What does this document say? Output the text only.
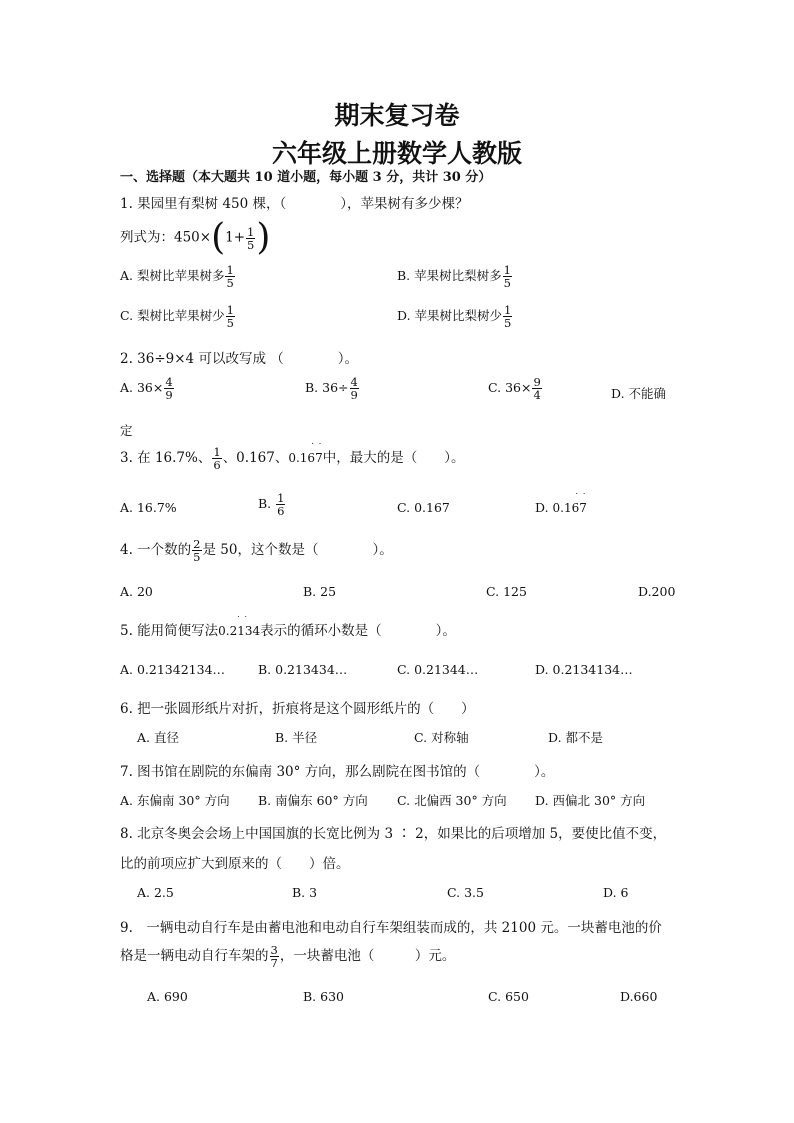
期末复习卷
六年级上册数学人教版
一、选择题（本大题共 10 道小题，每小题 3 分，共计 30 分）
1. 果园里有梨树 450 棵，（　　　　），苹果树有多少棵？
列式为：$450\times(1+ \frac{1}{5}$ )
A. 梨树比苹果树多 $\frac{1}{5}$	B. 苹果树比梨树多 $\frac{1}{5}$
C. 梨树比苹果树少 $\frac{1}{5}$	D. 苹果树比梨树少 $\frac{1}{5}$
2. 36÷9×4 可以改写成 （　　　　）。
A. $36\times \frac{4}{9}$	B. $36\div \frac{4}{9}$	C. $36\times \frac{9}{4}$	D. 不能确
定
3. 在 16.7%、 $\frac{1}{6}$ 、0.167、0.167
˙ ˙
中，最大的是（　　）。
A. 16.7%	B. $\frac{1}{6}$	C. 0.167	D. 0.167
˙ ˙
4. 一个数的 $\frac{2}{5}$ 是 50，这个数是（　　　　）。
A. 20	B. 25	C. 125	D.200
5. 能用简便写法0.2134
˙ ˙
表示的循环小数是（　　　　）。
A. 0.21342134…	B. 0.213434…	C. 0.21344…	D. 0.2134134…
6. 把一张圆形纸片对折，折痕将是这个圆形纸片的（　　）
A. 直径	B. 半径	C. 对称轴	D. 都不是
7. 图书馆在剧院的东偏南 30° 方向，那么剧院在图书馆的（　　　　）。
A. 东偏南 30° 方向 B. 南偏东 60° 方向 C. 北偏西 30° 方向 D. 西偏北 30° 方向
8. 北京冬奥会会场上中国国旗的长宽比例为 3 ∶ 2，如果比的后项增加 5，要使比值不变，
比的前项应扩大到原来的（　　）倍。
A. 2.5	B. 3	C. 3.5	D. 6
9.　一辆电动自行车是由蓄电池和电动自行车架组装而成的，共 2100 元。一块蓄电池的价
格是一辆电动自行车架的 $\frac{3}{7}$ ，一块蓄电池（　　　）元。
A. 690	B. 630	C. 650	D.660
